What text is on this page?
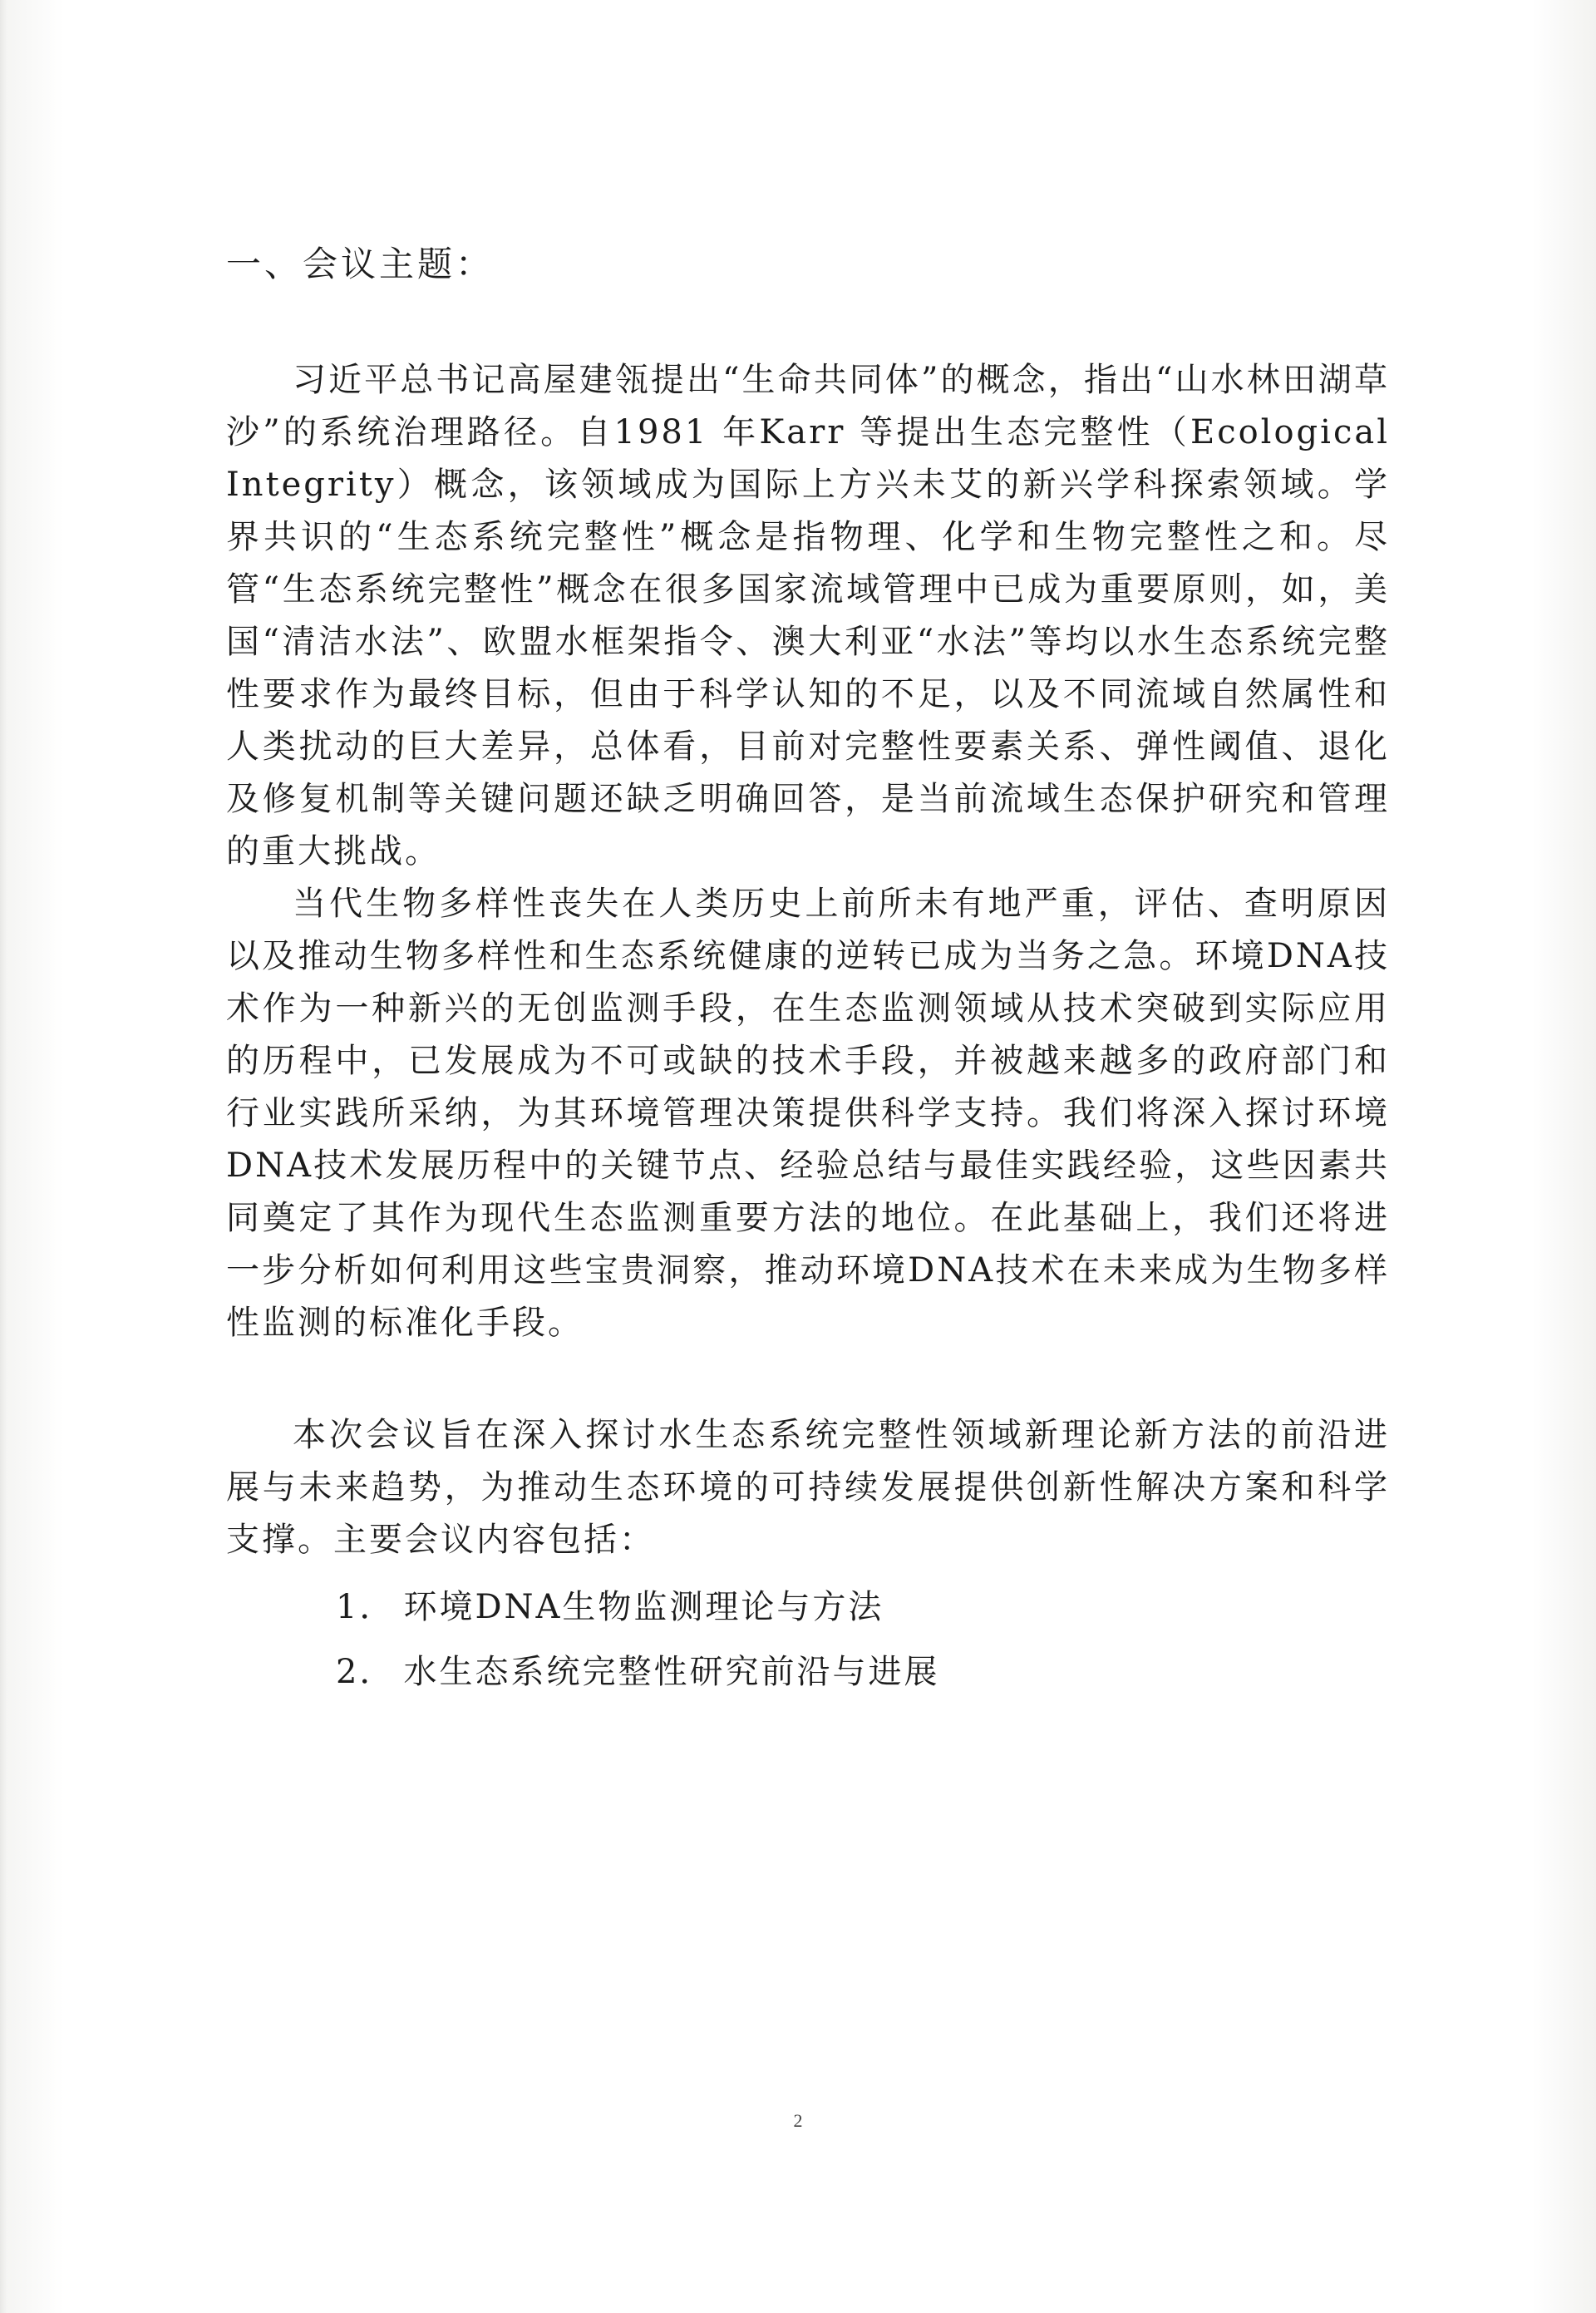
一、会议主题：

习近平总书记高屋建瓴提出“生命共同体”的概念，指出“山水林田湖草沙”的系统治理路径。自1981 年Karr 等提出生态完整性（Ecological Integrity）概念，该领域成为国际上方兴未艾的新兴学科探索领域。学界共识的“生态系统完整性”概念是指物理、化学和生物完整性之和。尽管“生态系统完整性”概念在很多国家流域管理中已成为重要原则，如，美国“清洁水法”、欧盟水框架指令、澳大利亚“水法”等均以水生态系统完整性要求作为最终目标，但由于科学认知的不足，以及不同流域自然属性和人类扰动的巨大差异，总体看，目前对完整性要素关系、弹性阈值、退化及修复机制等关键问题还缺乏明确回答，是当前流域生态保护研究和管理的重大挑战。

当代生物多样性丧失在人类历史上前所未有地严重，评估、查明原因以及推动生物多样性和生态系统健康的逆转已成为当务之急。环境DNA技术作为一种新兴的无创监测手段，在生态监测领域从技术突破到实际应用的历程中，已发展成为不可或缺的技术手段，并被越来越多的政府部门和行业实践所采纳，为其环境管理决策提供科学支持。我们将深入探讨环境DNA技术发展历程中的关键节点、经验总结与最佳实践经验，这些因素共同奠定了其作为现代生态监测重要方法的地位。在此基础上，我们还将进一步分析如何利用这些宝贵洞察，推动环境DNA技术在未来成为生物多样性监测的标准化手段。

本次会议旨在深入探讨水生态系统完整性领域新理论新方法的前沿进展与未来趋势，为推动生态环境的可持续发展提供创新性解决方案和科学支撑。主要会议内容包括：

1． 环境DNA生物监测理论与方法
2． 水生态系统完整性研究前沿与进展
2
